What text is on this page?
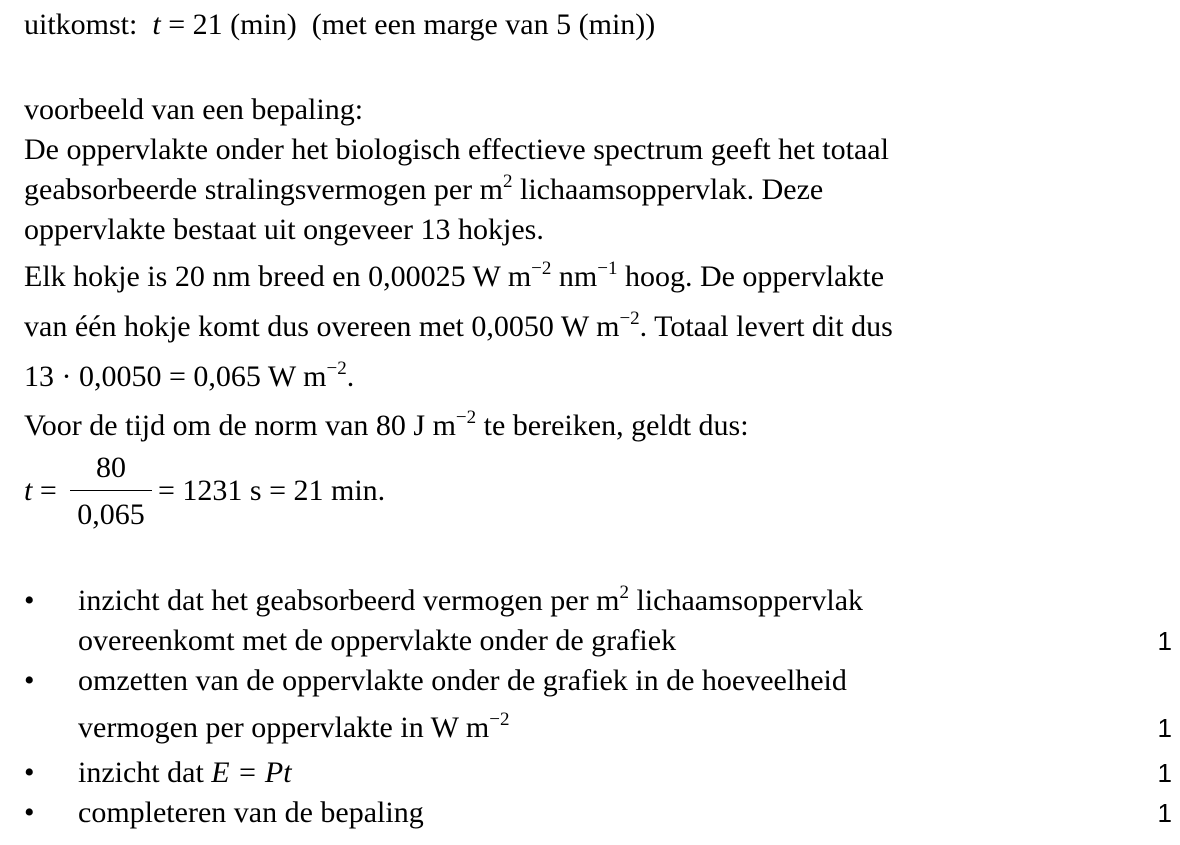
uitkomst: t = 21 (min) (met een marge van 5 (min))
voorbeeld van een bepaling:
De oppervlakte onder het biologisch effectieve spectrum geeft het totaal
geabsorbeerde stralingsvermogen per $m^2$ lichaamsoppervlak. Deze
oppervlakte bestaat uit ongeveer 13 hokjes.
Elk hokje is 20 nm breed en 0,00025 W $m^{-2}$ $nm^{-1}$ hoog. De oppervlakte
van één hokje komt dus overeen met 0,0050 W $m^{-2}$. Totaal levert dit dus
13 · 0,0050 = 0,065 W $m^{-2}$.
Voor de tijd om de norm van 80 J $m^{-2}$ te bereiken, geldt dus:
t =
80
0,065
= 1231 s = 21 min.
• inzicht dat het geabsorbeerd vermogen per $m^2$ lichaamsoppervlak
overeenkomt met de oppervlakte onder de grafiek	1
• omzetten van de oppervlakte onder de grafiek in de hoeveelheid
vermogen per oppervlakte in W $m^{-2}$	1
• inzicht dat E = Pt	1
• completeren van de bepaling	1
